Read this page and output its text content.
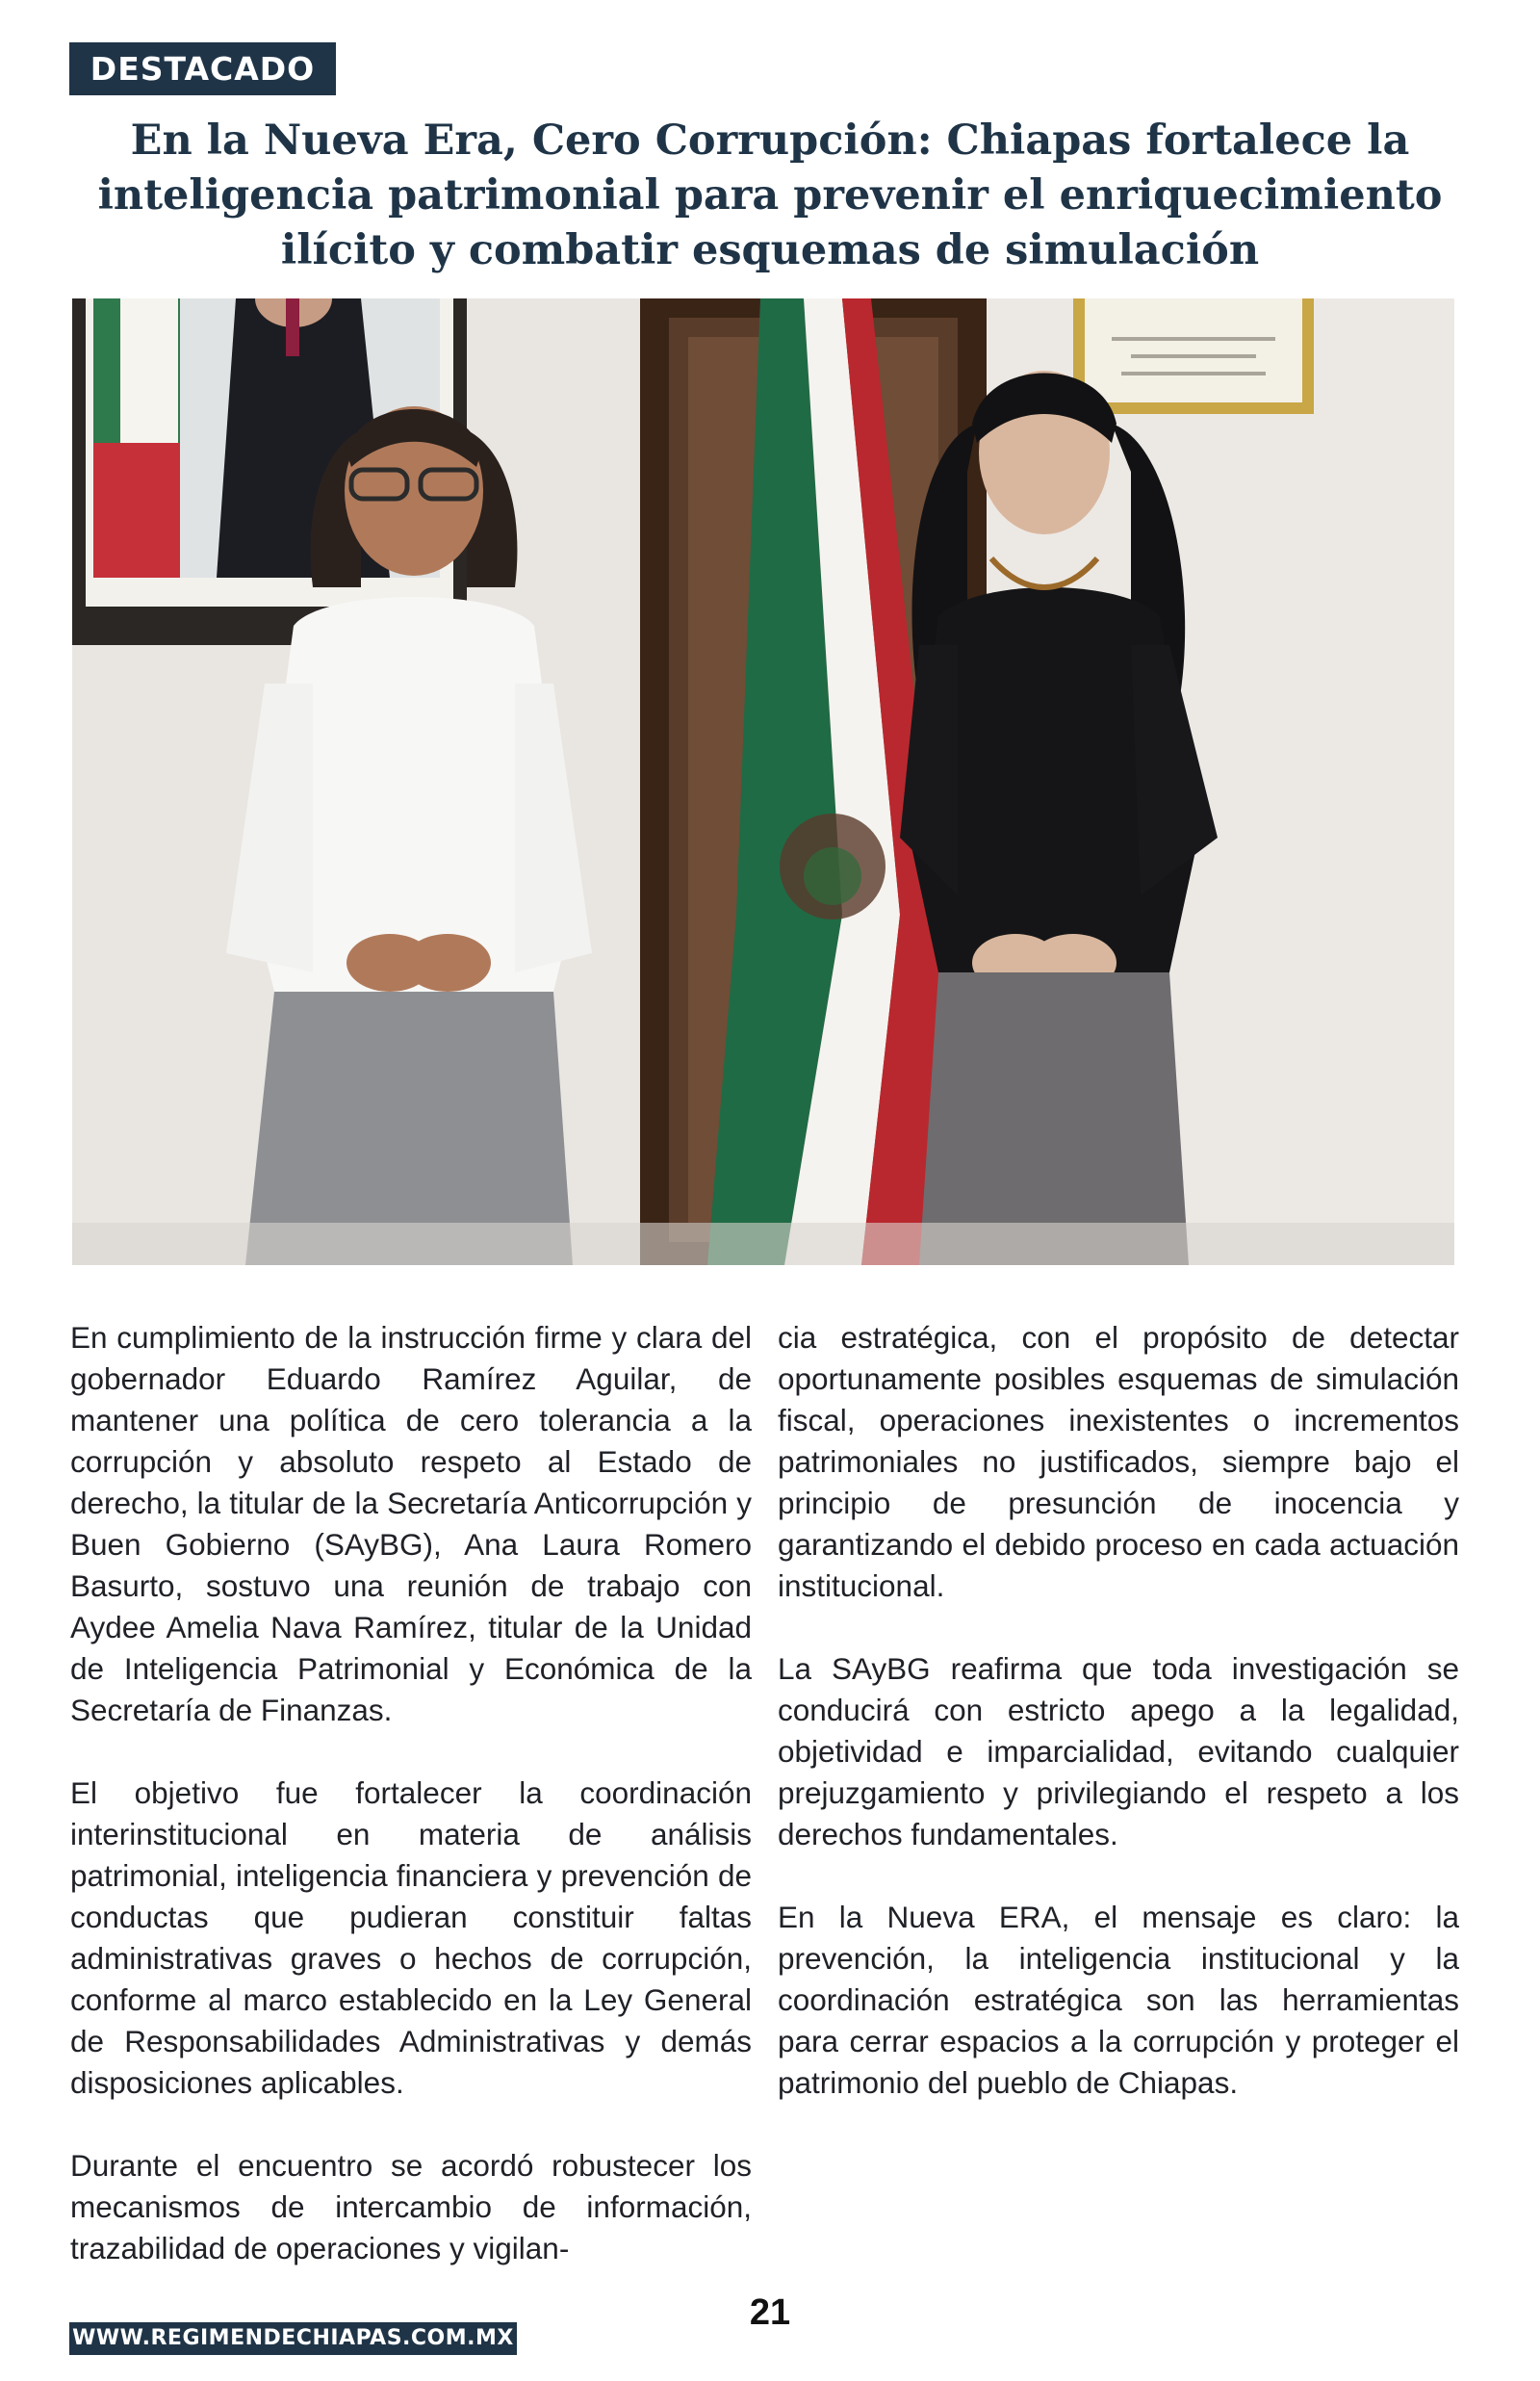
DESTACADO
En la Nueva Era, Cero Corrupción: Chiapas fortalece la inteligencia patrimonial para prevenir el enriquecimiento ilícito y combatir esquemas de simulación

En cumplimiento de la instrucción firme y clara del gobernador Eduardo Ramírez Aguilar, de mantener una política de cero tolerancia a la corrupción y absoluto respeto al Estado de derecho, la titular de la Secretaría Anticorrupción y Buen Gobierno (SAyBG), Ana Laura Romero Basurto, sostuvo una reunión de trabajo con Aydee Amelia Nava Ramírez, titular de la Unidad de Inteligencia Patrimonial y Económica de la Secretaría de Finanzas.

El objetivo fue fortalecer la coordinación interinstitucional en materia de análisis patrimonial, inteligencia financiera y prevención de conductas que pudieran constituir faltas administrativas graves o hechos de corrupción, conforme al marco establecido en la Ley General de Responsabilidades Administrativas y demás disposiciones aplicables.

Durante el encuentro se acordó robustecer los mecanismos de intercambio de información, trazabilidad de operaciones y vigilan-

cia estratégica, con el propósito de detectar oportunamente posibles esquemas de simulación fiscal, operaciones inexistentes o incrementos patrimoniales no justificados, siempre bajo el principio de presunción de inocencia y garantizando el debido proceso en cada actuación institucional.

La SAyBG reafirma que toda investigación se conducirá con estricto apego a la legalidad, objetividad e imparcialidad, evitando cualquier prejuzgamiento y privilegiando el respeto a los derechos fundamentales.

En la Nueva ERA, el mensaje es claro: la prevención, la inteligencia institucional y la coordinación estratégica son las herramientas para cerrar espacios a la corrupción y proteger el patrimonio del pueblo de Chiapas.

21
WWW.REGIMENDECHIAPAS.COM.MX
